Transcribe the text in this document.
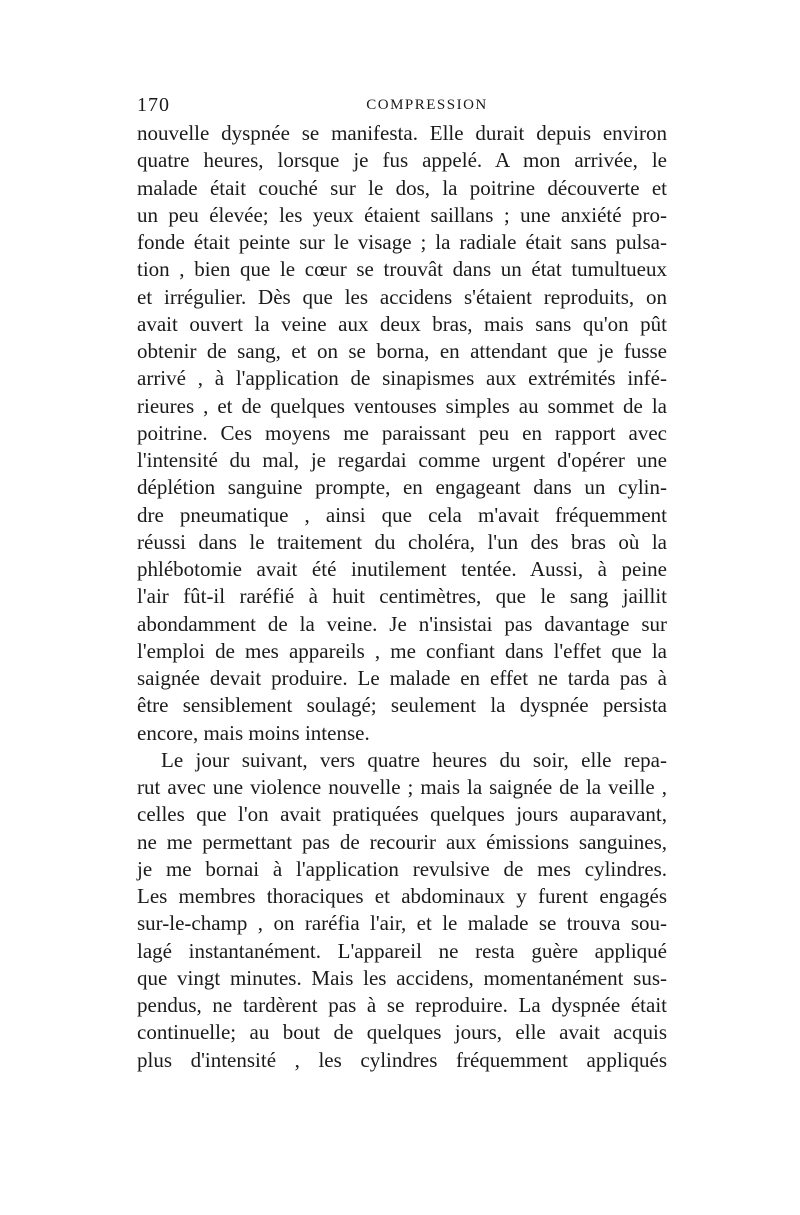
170	COMPRESSION
nouvelle dyspnée se manifesta. Elle durait depuis environ
quatre heures, lorsque je fus appelé. A mon arrivée, le
malade était couché sur le dos, la poitrine découverte et
un peu élevée; les yeux étaient saillans ; une anxiété pro-
fonde était peinte sur le visage ; la radiale était sans pulsa-
tion , bien que le cœur se trouvât dans un état tumultueux
et irrégulier. Dès que les accidens s'étaient reproduits, on
avait ouvert la veine aux deux bras, mais sans qu'on pût
obtenir de sang, et on se borna, en attendant que je fusse
arrivé , à l'application de sinapismes aux extrémités infé-
rieures , et de quelques ventouses simples au sommet de la
poitrine. Ces moyens me paraissant peu en rapport avec
l'intensité du mal, je regardai comme urgent d'opérer une
déplétion sanguine prompte, en engageant dans un cylin-
dre pneumatique , ainsi que cela m'avait fréquemment
réussi dans le traitement du choléra, l'un des bras où la
phlébotomie avait été inutilement tentée. Aussi, à peine
l'air fût-il raréfié à huit centimètres, que le sang jaillit
abondamment de la veine. Je n'insistai pas davantage sur
l'emploi de mes appareils , me confiant dans l'effet que la
saignée devait produire. Le malade en effet ne tarda pas à
être sensiblement soulagé; seulement la dyspnée persista
encore, mais moins intense.
Le jour suivant, vers quatre heures du soir, elle repa-
rut avec une violence nouvelle ; mais la saignée de la veille ,
celles que l'on avait pratiquées quelques jours auparavant,
ne me permettant pas de recourir aux émissions sanguines,
je me bornai à l'application revulsive de mes cylindres.
Les membres thoraciques et abdominaux y furent engagés
sur-le-champ , on raréfia l'air, et le malade se trouva sou-
lagé instantanément. L'appareil ne resta guère appliqué
que vingt minutes. Mais les accidens, momentanément sus-
pendus, ne tardèrent pas à se reproduire. La dyspnée était
continuelle; au bout de quelques jours, elle avait acquis
plus d'intensité , les cylindres fréquemment appliqués
